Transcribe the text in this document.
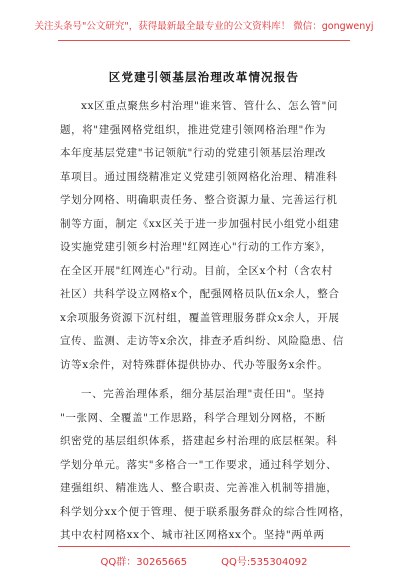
关注头条号"公文研究"，获得最新最全最专业的公文资料库！ 微信：gongwenyj
区党建引领基层治理改革情况报告
xx区重点聚焦乡村治理"谁来管、管什么、怎么管"问
题，将"建强网格党组织，推进党建引领网格治理"作为
本年度基层党建"书记领航"行动的党建引领基层治理改
革项目。通过围绕精准定义党建引领网格化治理、精准科
学划分网格、明确职责任务、整合资源力量、完善运行机
制等方面，制定《xx区关于进一步加强村民小组党小组建
设实施党建引领乡村治理"红网连心"行动的工作方案》，
在全区开展"红网连心"行动。目前，全区x个村（含农村
社区）共科学设立网格x个，配强网格员队伍x余人，整合
x余项服务资源下沉村组，覆盖管理服务群众x余人，开展
宣传、监测、走访等x余次，排查矛盾纠纷、风险隐患、信
访等x余件，对特殊群体提供协办、代办等服务x余件。
一、完善治理体系，细分基层治理"责任田"。坚持
"一张网、全覆盖"工作思路，科学合理划分网格，不断
织密党的基层组织体系，搭建起乡村治理的底层框架。科
学划分单元。落实"多格合一"工作要求，通过科学划分、
建强组织、精准选人、整合职责、完善准入机制等措施，
科学划分xx个便于管理、便于联系服务群众的综合性网格，
其中农村网格xx个、城市社区网格xx个。坚持"两单两
QQ群：30265665	QQ号:535304092
